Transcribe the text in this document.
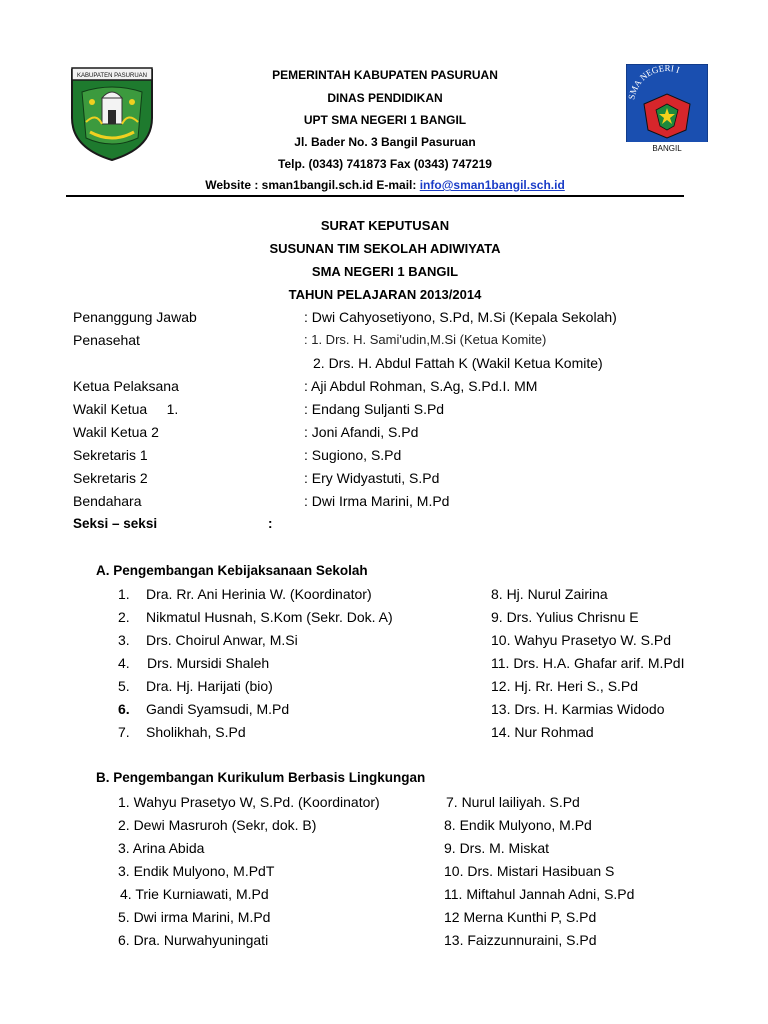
KABUPATEN PASURUAN
SMA NEGERI I
BANGIL
PEMERINTAH KABUPATEN PASURUAN
DINAS PENDIDIKAN
UPT SMA NEGERI 1 BANGIL
Jl. Bader No. 3 Bangil Pasuruan
Telp. (0343) 741873 Fax (0343) 747219
Website : sman1bangil.sch.id E-mail: info@sman1bangil.sch.id
SURAT KEPUTUSAN
SUSUNAN TIM SEKOLAH ADIWIYATA
SMA NEGERI 1 BANGIL
TAHUN PELAJARAN 2013/2014
Penanggung Jawab	: Dwi Cahyosetiyono, S.Pd, M.Si (Kepala Sekolah)
Penasehat	: 1. Drs. H. Sami'udin,M.Si (Ketua Komite)
2. Drs. H. Abdul Fattah K (Wakil Ketua Komite)
Ketua Pelaksana	: Aji Abdul Rohman, S.Ag, S.Pd.I. MM
Wakil Ketua     1.	: Endang Suljanti S.Pd
Wakil Ketua 2	: Joni Afandi, S.Pd
Sekretaris 1	: Sugiono, S.Pd
Sekretaris 2	: Ery Widyastuti, S.Pd
Bendahara	: Dwi Irma Marini, M.Pd
Seksi – seksi	:
A. Pengembangan Kebijaksanaan Sekolah
1. Dra. Rr. Ani Herinia W. (Koordinator)
2. Nikmatul Husnah, S.Kom (Sekr. Dok. A)
3. Drs. Choirul Anwar, M.Si
4. Drs. Mursidi Shaleh
5. Dra. Hj. Harijati (bio)
6. Gandi Syamsudi, M.Pd
7. Sholikhah, S.Pd
8. Hj. Nurul Zairina
9. Drs. Yulius Chrisnu E
10. Wahyu Prasetyo W. S.Pd
11. Drs. H.A. Ghafar arif. M.PdI
12. Hj. Rr. Heri S., S.Pd
13. Drs. H. Karmias Widodo
14. Nur Rohmad
B. Pengembangan Kurikulum Berbasis Lingkungan
1. Wahyu Prasetyo W, S.Pd. (Koordinator)
2. Dewi Masruroh (Sekr, dok. B)
3. Arina Abida
3. Endik Mulyono, M.PdT
4. Trie Kurniawati, M.Pd
5. Dwi irma Marini, M.Pd
6. Dra. Nurwahyuningati
7. Nurul lailiyah. S.Pd
8. Endik Mulyono, M.Pd
9. Drs. M. Miskat
10. Drs. Mistari Hasibuan S
11. Miftahul Jannah Adni, S.Pd
12 Merna Kunthi P, S.Pd
13. Faizzunnuraini, S.Pd
